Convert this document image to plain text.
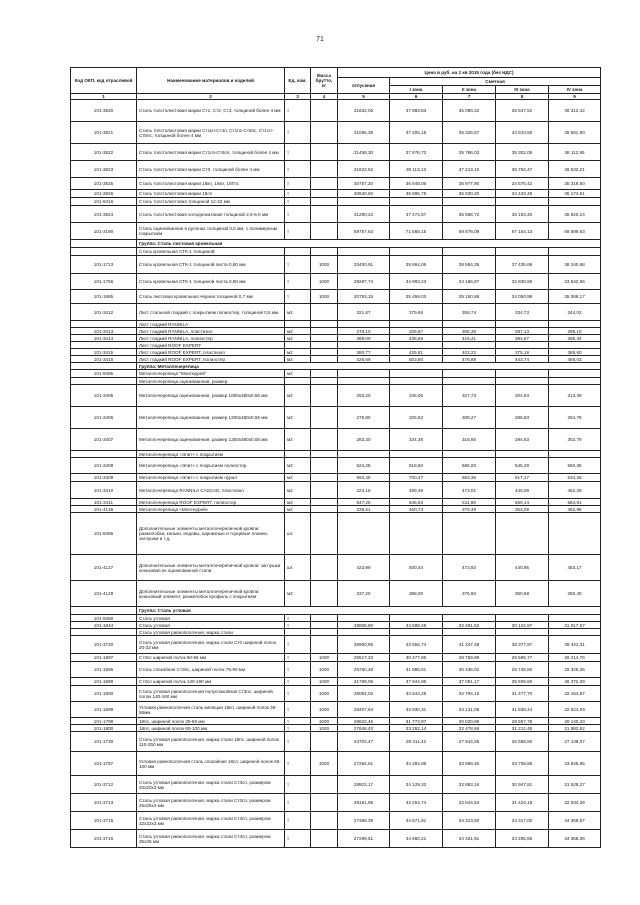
71
Код ОКП, код отраслевой	Наименование материалов и изделий	Ед. изм.	Масса брутто, кг	Цена в руб. на 2 кв 2015 года (без НДС)				
				отпускная	Сметная			
					I зона	II зона	III зона	IV зона
1	2	3	4	5	6	7	8	9
101-3820	Сталь толстолистовая марки Ст1, Ст2, Ст3, толщиной более 4 мм	т		31632,06	37 883,83	35 080,22	35 547,52	36 312,42
101-3821	Сталь толстолистовая марки Ст1кп-Ст4п, Ст1пс-Ст6пс, Ст1сп-Ст5пс, толщиной более 4 мм	т		31065,38	37 205,15	35 326,57	34 810,50	35 661,90
101-3822	Сталь толстолистовая марки Ст1сп-Ст6сп, толщиной более 4 мм	т		31458,30	37 676,73	35 786,03	35 302,05	36 112,95
101-3823	Сталь толстолистовая марки Ст0, толщиной более 4 мм	т		31823,52	38 113,13	37 213,10	35 762,47	36 532,21
101-3825	Сталь толстолистовая марки 18кп, 15кп, 18Гпс	т		30767,20	36 848,06	35 977,90	34 575,42	35 319,60
101-3826	Сталь толстолистовая марки 18сп	т		30640,60	35 695,78	35 830,20	34 433,48	35 174,61
101-9416	Сталь толстолистовая толщиной 12-22 мм	т						
101-3824	Сталь толстолистовая холоднокатаная толщиной 2,5-5,0 мм	т		31290,42	37 474,67	36 586,72	35 163,40	35 920,24
101-3190	Сталь оцинкованная в рулонах толщиной 0,5 мм, с полимерным покрытием	т		59757,63	71 568,15	69 878,09	67 154,13	68 599,63
	Группа: Сталь листовая кровельная							
	Сталь кровельная СТК-1 толщиной:							
101-1713	Сталь кровельная СТК-1 толщиной листа 0,80 мм	т	1000	33400,91	39 864,06	38 954,35	37 435,69	38 240,68
101-1756	Сталь кровельная СТК-1 толщиной листа 0,60 мм	т	1000	29287,74	34 993,23	34 166,97	32 838,86	33 542,96
101-1985	Сталь листовая кровельная черная толщиной 0,7 мм	т	1000	20753,15	35 459,03	35 150,88	34 050,98	35 069,17
101-3412	Лист стальной гладкий с покрытием полиэстер, толщиной 0,5 мм	м2		321,67	379,69	359,74	334,73	344,02
	Лист гладкий RANNILA							
101-3413	Лист гладкий RANNILA, пластизол	м2		276,10	325,87	308,39	287,13	295,10
101-3414	Лист гладкий RANNILA, полиэстер	м2		369,09	435,56	415,41	384,67	395,34
	Лист гладкий ROOF EXPERT							
101-3415	Лист гладкий ROOF EXPERT, пластизол	м2		360,77	425,81	403,22	375,19	385,60
101-3416	Лист гладкий ROOF EXPERT, полиэстер	м2		426,69	503,60	476,89	443,74	456,03
	Группа: Металлочерепица							
101-9495	Металлочерепица "Монтеррей"	м2						
	Металлочерепица оцинкованная, размер:							
101-3405	Металлочерепица оцинкованная, размер 1000х480х0,55 мм	м2		293,20	346,06	327,73	304,93	313,39
101-3406	Металлочерепица оцинкованная, размер 1200х480х0,55 мм	м2		275,80	325,52	309,27	286,83	294,78
101-3407	Металлочерепица оцинкованная, размер 1250х480х0,55 мм	м2		283,30	334,38	316,66	294,63	302,79
	Металлочерепица «Элит» с покрытием							
101-3408	Металлочерепица «Элит» с покрытием полиэстер	м2		524,28	618,60	586,00	545,29	560,36
101-3409	Металлочерепица «Элит» с покрытием пурал	м2		593,45	700,47	663,35	617,17	634,28
101-3410	Металлочерепица RANNILA CASCAD, пластизол	м2		423,18	499,49	473,01	440,09	452,29
101-3411	Металлочерепица ROOF EXPERT, полиэстер	м2		547,25	645,93	611,69	569,14	584,91
101-4136	Металлочерепица «Монтеррей»	м2		339,51	400,73	379,49	353,09	362,88
101-9496	Дополнительные элементы металлочерепичной кровли: разжелобки, коньки, ендовы, карнизные и торцевые планки, заглушки и т.д.	шт.						
101-4127	Дополнительные элементы металлочерепичной кровли: заглушка коньковая из оцинкованной стали	шт.		423,99	500,44	473,92	440,95	453,17
101-4128	Дополнительные элементы металлочерепичной кровли: коньковый элемент, разжелобок профиль с покрытием	м2		337,20	398,00	376,90	350,68	360,40
	Группа: Сталь угловая							
101-9390	Сталь угловая	т						
101-1844	Сталь угловая	т		28808,80	34 598,48	32 481,52	30 122,97	31 017,57
	Сталь угловая равнополочная, марка стали							
101-3720	Сталь угловая равнополочная, марка стали Ст0 шириной полок 20-32 мм	т		36900,95	43 556,74	41 247,48	38 377,97	39 441,31
101-1897	Ст3пс шириной полок 50-56 мм	т	1000	25517,33	30 477,86	28 759,99	28 595,77	29 214,76
101-1896	Сталь спокойная Ст3пс, шириной полок 75-90 мм	т	1000	25760,48	31 986,61	30 436,02	28 748,80	29 325,35
101-1898	Ст3сп шириной полок 140-190 мм	т	1000	31789,05	37 944,96	37 091,17	35 609,60	36 372,39
101-1900	Сталь угловая равнополочная полуспокойная Ст3пс, шириной полок 140-160 мм	т	1000	28084,03	33 544,28	32 794,15	31 477,70	32 154,87
101-1899	Угловая равнополочная сталь кипящая 18кп, шириной полок 35-56мм	т	1000	28407,64	33 930,31	33 131,08	31 838,44	32 524,09
101-1798	18пс, шириной полок 35-56 мм	т	1000	26822,45	31 773,97	30 020,89	28 557,78	29 140,33
101-1800	18пс, шириной полок 60-100 мм	т	1000	27646,43	33 262,14	32 478,66	31 212,45	31 882,62
101-1730	Сталь угловая равнополочная, марка стали 18пс, шириной полок 110-250 мм	т		23703,47	28 311,42	27 644,55	26 568,80	27 138,07
101-1787	Угловая равнополочная сталь спокойная 18сп, шириной полок 60-100 мм	т	1000	27264,81	34 284,98	33 969,46	33 708,66	33 846,95
101-3712	Сталь угловая равнополочная, марка стали Ст3сп, размером 20х20х3 мм	т		28923,17	34 129,33	32 883,16	30 947,81	31 528,27
101-3713	Сталь угловая равнополочная, марка стали Ст3сп, размером 25х25х3 мм	т		28181,95	33 254,74	32 844,54	31 424,18	32 034,39
101-3715	Сталь угловая равнополочная, марка стали Ст3сп, размером 32х32х3 мм	т		27368,39	34 671,91	34 313,50	34 317,00	34 369,87
101-3716	Сталь угловая равнополочная, марка стали Ст3сп, размером 35х35 мм	т		27299,51	34 650,21	34 481,91	34 295,56	34 368,36
